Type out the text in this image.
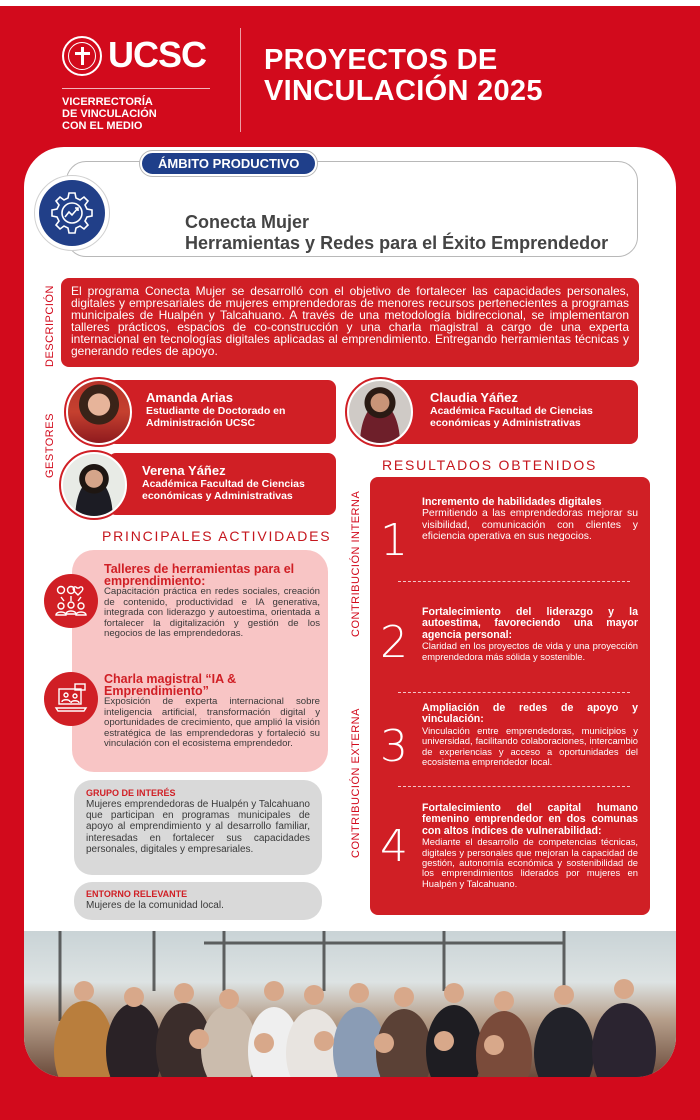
UCSC
VICERRECTORÍA
DE VINCULACIÓN
CON EL MEDIO
PROYECTOS DE
VINCULACIÓN 2025
Conecta Mujer
Herramientas y Redes para el Éxito Emprendedor
ÁMBITO PRODUCTIVO
DESCRIPCIÓN	El programa Conecta Mujer se desarrolló con el objetivo de fortalecer las capacidades personales, digitales y empresariales de mujeres emprendedoras de menores recursos pertenecientes a programas municipales de Hualpén y Talcahuano. A través de una metodología bidireccional, se implementaron talleres prácticos, espacios de co-construcción y una charla magistral a cargo de una experta internacional en tecnologías digitales aplicadas al emprendimiento. Entregando herramientas técnicas y generando redes de apoyo.
GESTORES
Amanda Arias
Estudiante de Doctorado en
Administración UCSC
Claudia Yáñez
Académica Facultad de Ciencias
económicas y Administrativas
Verena Yáñez
Académica Facultad de Ciencias
económicas y Administrativas
PRINCIPALES ACTIVIDADES
Talleres de herramientas para el emprendimiento:
Capacitación práctica en redes sociales, creación de contenido, productividad e IA generativa, integrada con liderazgo y autoestima, orientada a fortalecer la digitalización y gestión de los negocios de las emprendedoras.
Charla magistral “IA & Emprendimiento”
Exposición de experta internacional sobre inteligencia artificial, transformación digital y oportunidades de crecimiento, que amplió la visión estratégica de las emprendedoras y fortaleció su vinculación con el ecosistema emprendedor.
GRUPO DE INTERÉS
Mujeres emprendedoras de Hualpén y Talcahuano que participan en programas municipales de apoyo al emprendimiento y al desarrollo familiar, interesadas en fortalecer sus capacidades personales, digitales y empresariales.
ENTORNO RELEVANTE
Mujeres de la comunidad local.
RESULTADOS OBTENIDOS
CONTRIBUCIÓN INTERNA
CONTRIBUCIÓN EXTERNA
1
Incremento de habilidades digitales
Permitiendo a las emprendedoras mejorar su visibilidad, comunicación con clientes y eficiencia operativa en sus negocios.
2
Fortalecimiento del liderazgo y la autoestima, favoreciendo una mayor agencia personal:
Claridad en los proyectos de vida y una proyección emprendedora más sólida y sostenible.
3
Ampliación de redes de apoyo y vinculación:
Vinculación entre emprendedoras, municipios y universidad, facilitando colaboraciones, intercambio de experiencias y acceso a oportunidades del ecosistema emprendedor local.
4
Fortalecimiento del capital humano femenino emprendedor en dos comunas con altos índices de vulnerabilidad:
Mediante el desarrollo de competencias técnicas, digitales y personales que mejoran la capacidad de gestión, autonomía económica y sostenibilidad de los emprendimientos liderados por mujeres en Hualpén y Talcahuano.
